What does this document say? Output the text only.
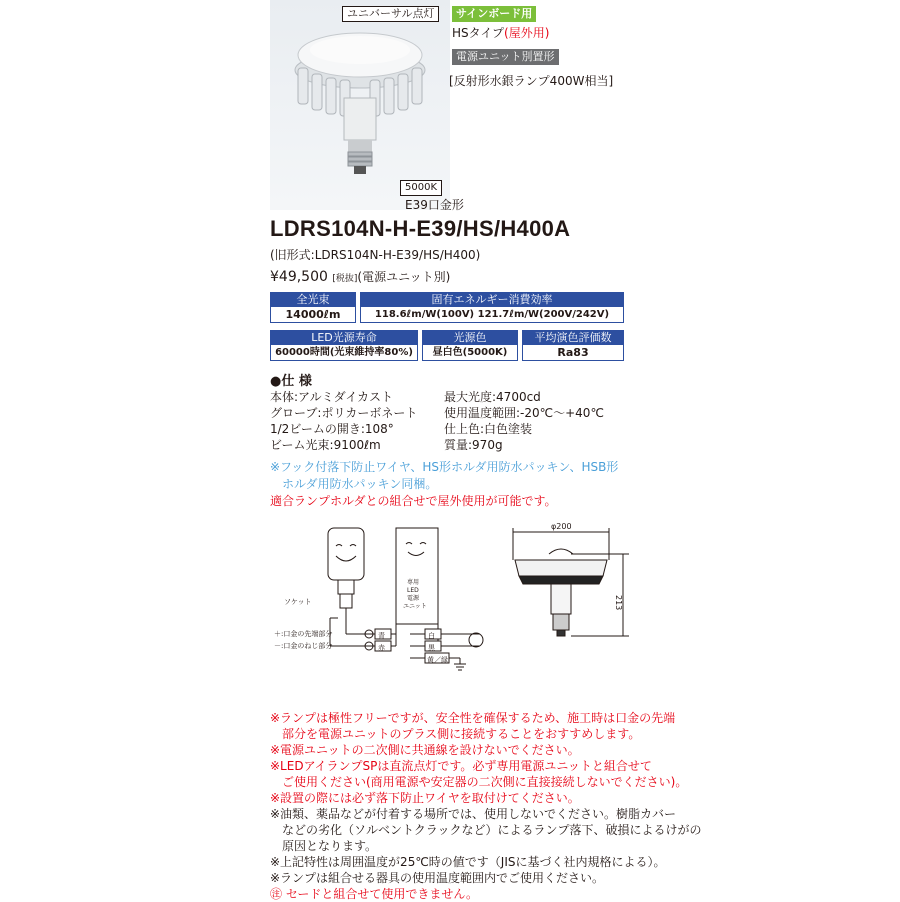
ユニバーサル点灯
5000K
E39口金形
サインボード用
HSタイプ(屋外用)
電源ユニット別置形
[反射形水銀ランプ400W相当]
LDRS104N-H-E39/HS/H400A
(旧形式:LDRS104N-H-E39/HS/H400)
¥49,500 [税抜](電源ユニット別)
全光束
14000ℓm
固有エネルギー消費効率
118.6ℓm/W(100V) 121.7ℓm/W(200V/242V)
LED光源寿命
60000時間(光束維持率80%)
光源色
昼白色(5000K)
平均演色評価数
Ra83
●仕 様
本体:アルミダイカスト
グローブ:ポリカーボネート
1/2ビームの開き:108°
ビーム光束:9100ℓm
最大光度:4700cd
使用温度範囲:-20℃～+40℃
仕上色:白色塗装
質量:970g
※フック付落下防止ワイヤ、HS形ホルダ用防水パッキン、HSB形
　ホルダ用防水パッキン同梱。
適合ランプホルダとの組合せで屋外使用が可能です。
ソケット
＋:口金の先端部分
－:口金のねじ部分
青
赤
白
黒
黄／緑
専用
LED
電源
ユニット
φ200
213
※ランプは極性フリーですが、安全性を確保するため、施工時は口金の先端
　部分を電源ユニットのプラス側に接続することをおすすめします。
※電源ユニットの二次側に共通線を設けないでください。
※LEDアイランプSPは直流点灯です。必ず専用電源ユニットと組合せて
　ご使用ください(商用電源や安定器の二次側に直接接続しないでください)。
※設置の際には必ず落下防止ワイヤを取付けてください。
※油類、薬品などが付着する場所では、使用しないでください。樹脂カバー
　などの劣化（ソルベントクラックなど）によるランプ落下、破損によるけがの
　原因となります。
※上記特性は周囲温度が25℃時の値です（JISに基づく社内規格による）。
※ランプは組合せる器具の使用温度範囲内でご使用ください。
㊟ セードと組合せて使用できません。
